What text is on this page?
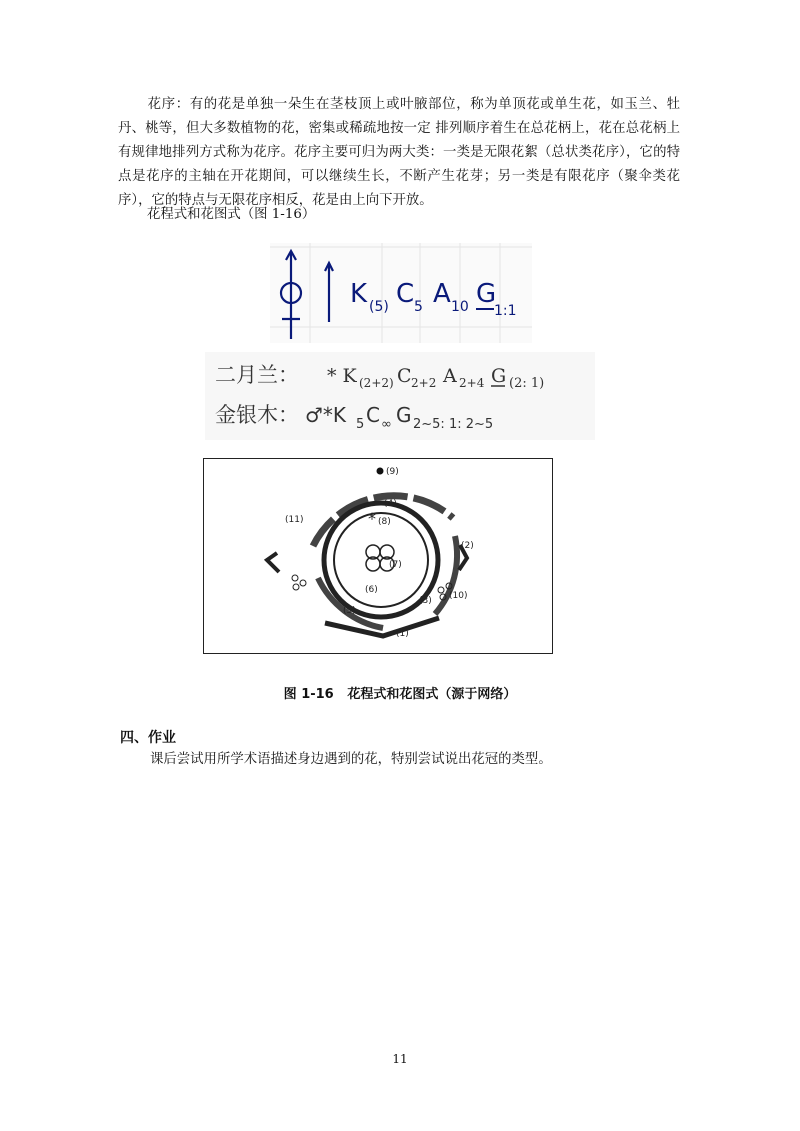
花序：有的花是单独一朵生在茎枝顶上或叶腋部位，称为单顶花或单生花，如玉兰、牡丹、桃等，但大多数植物的花，密集或稀疏地按一定 排列顺序着生在总花柄上，花在总花柄上有规律地排列方式称为花序。花序主要可归为两大类：一类是无限花絮（总状类花序），它的特点是花序的主轴在开花期间，可以继续生长，不断产生花芽；另一类是有限花序（聚伞类花序），它的特点与无限花序相反，花是由上向下开放。
花程式和花图式（图 1-16）
K (5) C 5 A 10 G
1:1
二月兰： * K (2+2) C 2+2 A 2+4 G (2: 1)
金银木： ♂*K 5 C ∞ G 2~5: 1: 2~5
(9)
(4)
(8)
(11)
(2)
(7)
(6)
(3) (10)
(5)
(1)
*
图 1-16 花程式和花图式（源于网络）
四、作业
课后尝试用所学术语描述身边遇到的花，特别尝试说出花冠的类型。
11
